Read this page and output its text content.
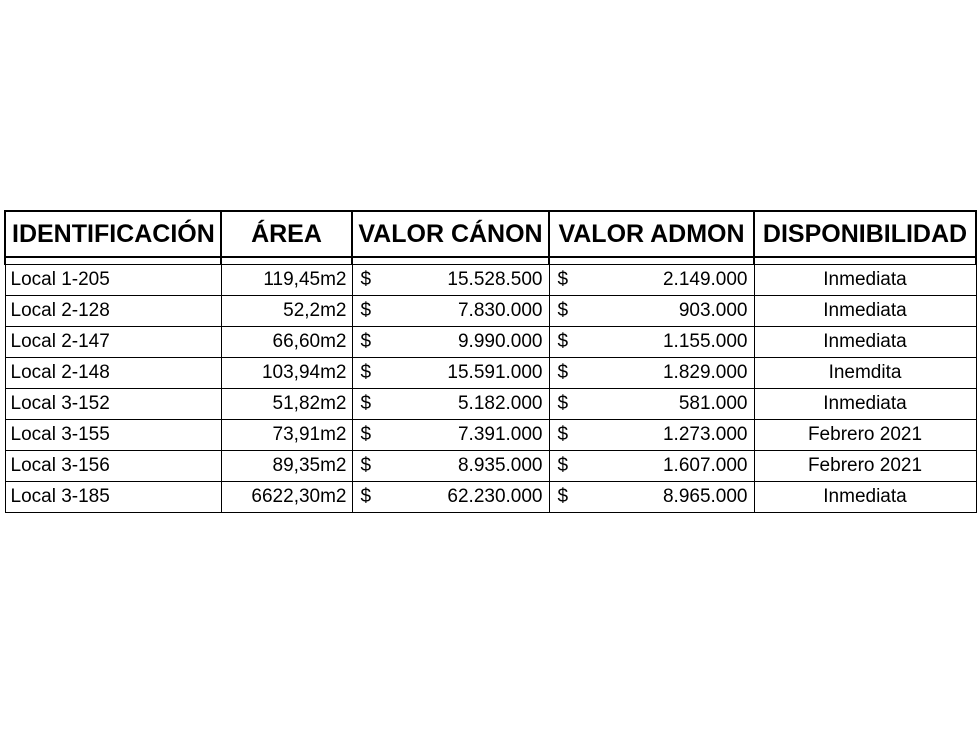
IDENTIFICACIÓN	ÁREA	VALOR CÁNON	VALOR ADMON	DISPONIBILIDAD

Local 1-205	119,45m2	$ 15.528.500	$ 2.149.000	Inmediata
Local 2-128	52,2m2	$ 7.830.000	$ 903.000	Inmediata
Local 2-147	66,60m2	$ 9.990.000	$ 1.155.000	Inmediata
Local 2-148	103,94m2	$ 15.591.000	$ 1.829.000	Inemdita
Local 3-152	51,82m2	$ 5.182.000	$ 581.000	Inmediata
Local 3-155	73,91m2	$ 7.391.000	$ 1.273.000	Febrero 2021
Local 3-156	89,35m2	$ 8.935.000	$ 1.607.000	Febrero 2021
Local 3-185	6622,30m2	$ 62.230.000	$ 8.965.000	Inmediata
